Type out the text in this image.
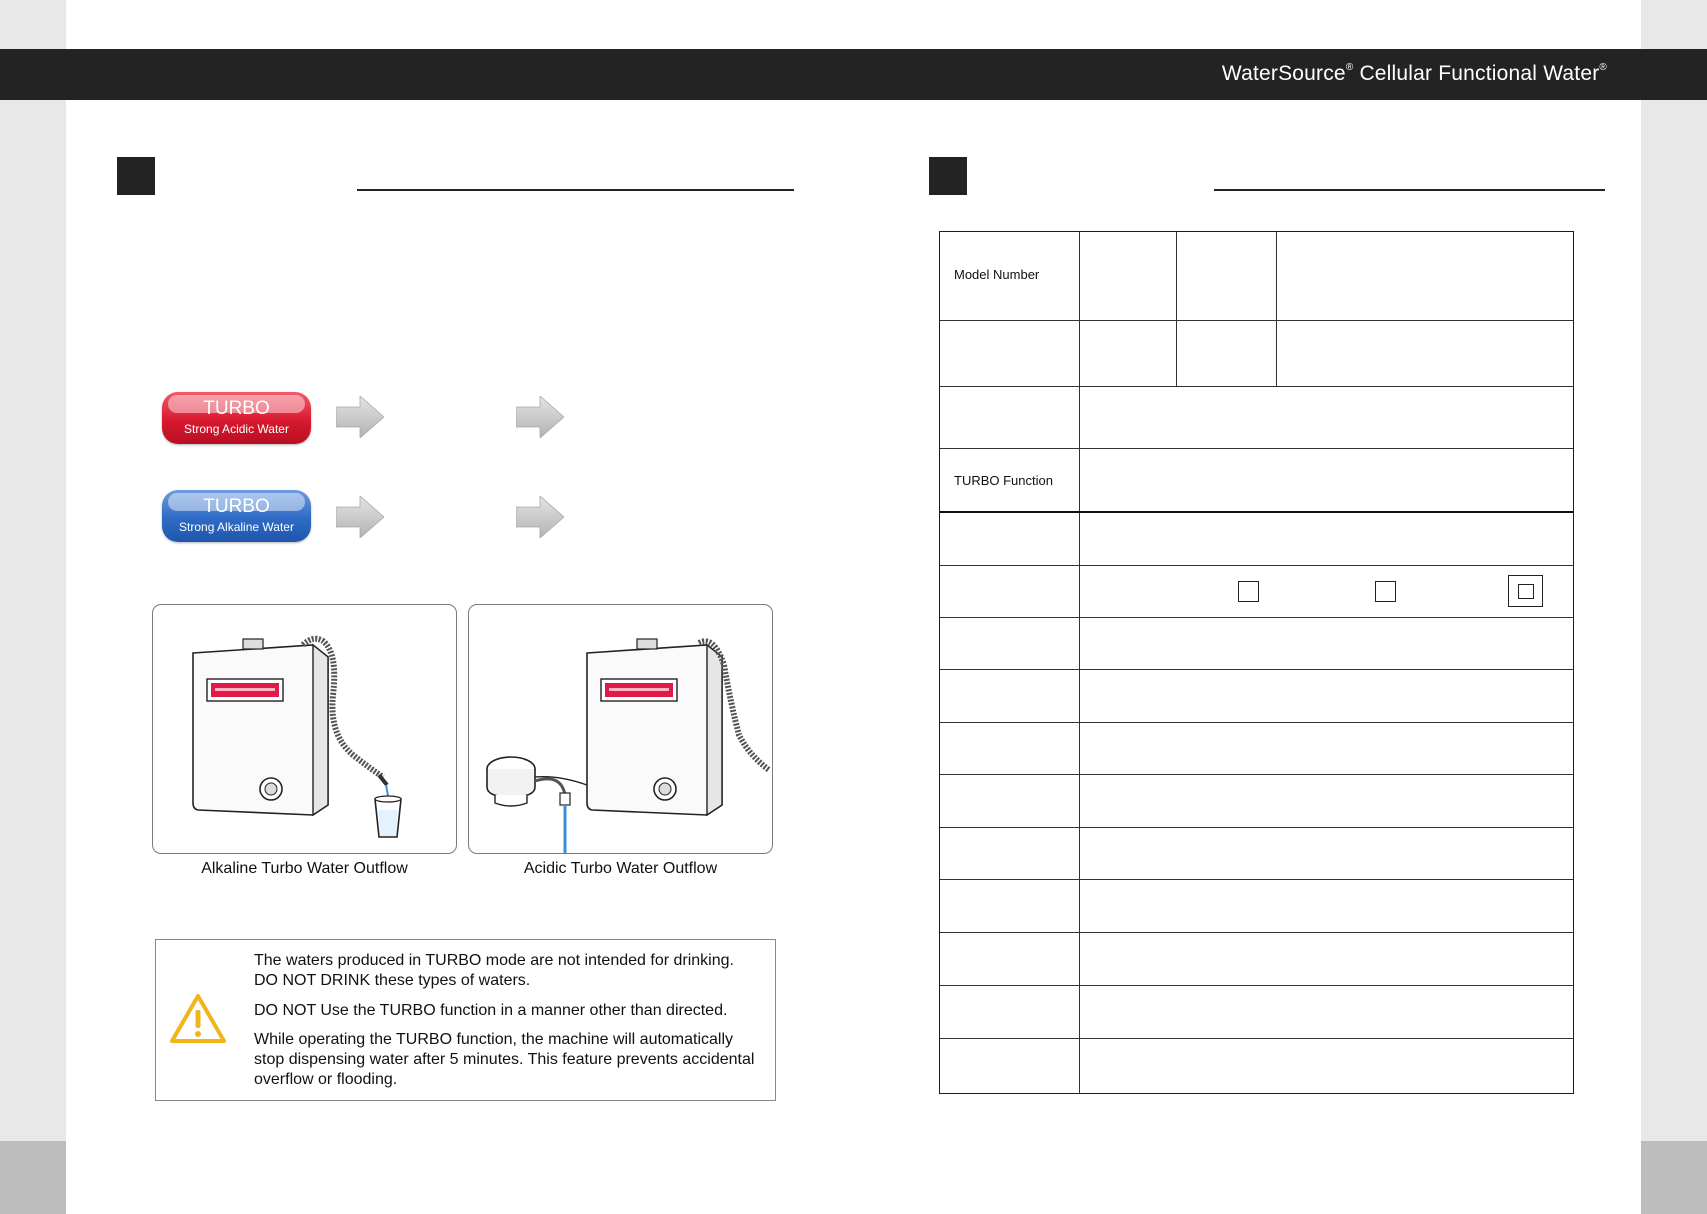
WaterSource® Cellular Functional Water®
TURBO
Strong Acidic Water
TURBO
Strong Alkaline Water
Alkaline Turbo Water Outflow	Acidic Turbo Water Outflow
The waters produced in TURBO mode are not intended for drinking.
DO NOT DRINK these types of waters.
DO NOT Use the TURBO function in a manner other than directed.
While operating the TURBO function, the machine will automatically
stop dispensing water after 5 minutes. This feature prevents accidental
overflow or flooding.
Model Number
TURBO Function
